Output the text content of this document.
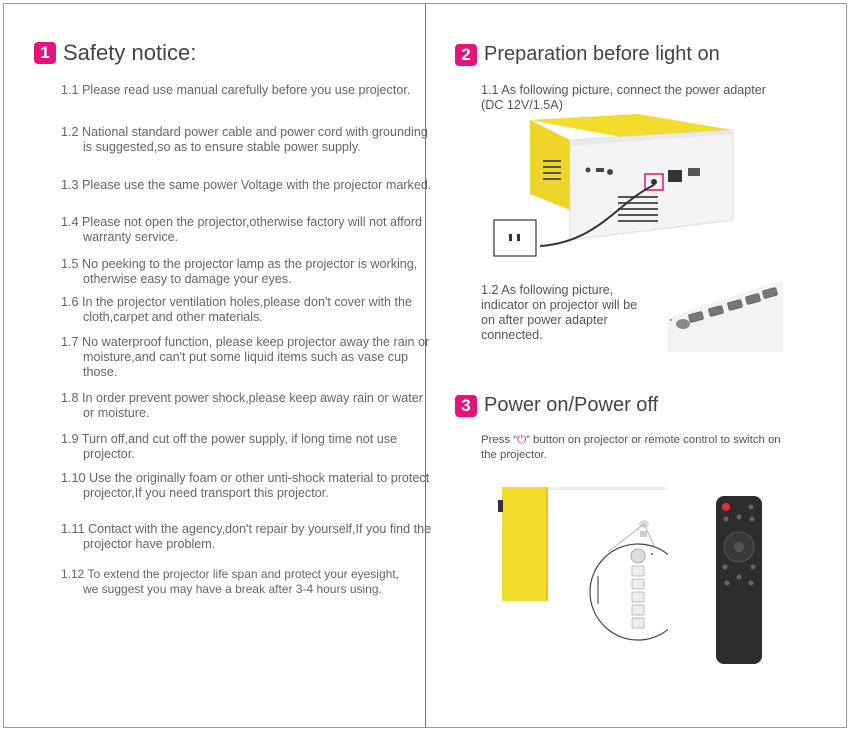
1 Safety notice:
1.1 Please read use manual carefully before you use projector.
1.2 National standard power cable and power cord with grounding is suggested,so as to ensure stable power supply.
1.3 Please use the same power Voltage with the projector marked.
1.4 Please not open the projector,otherwise factory will not afford warranty service.
1.5 No peeking to the projector lamp as the projector is working, otherwise easy to damage your eyes.
1.6 In the projector ventilation holes,please don't cover with the cloth,carpet and other materials.
1.7 No waterproof function, please keep projector away the rain or moisture,and can't put some liquid items such as vase cup those.
1.8 In order prevent power shock,please keep away rain or water or moisture.
1.9 Turn off,and cut off the power supply, if long time not use projector.
1.10 Use the originally foam or other unti-shock material to protect projector,If you need transport this projector.
1.11 Contact with the agency,don't repair by yourself,If you find the projector have problem.
1.12 To extend the projector life span and protect your eyesight, we suggest you may have a break after 3-4 hours using.
2 Preparation before light on
1.1 As following picture, connect the power adapter (DC 12V/1.5A)
1.2 As following picture, indicator on projector will be on after power adapter connected.
3 Power on/Power off
Press “⏻” button on projector or remote control to switch on the projector.
